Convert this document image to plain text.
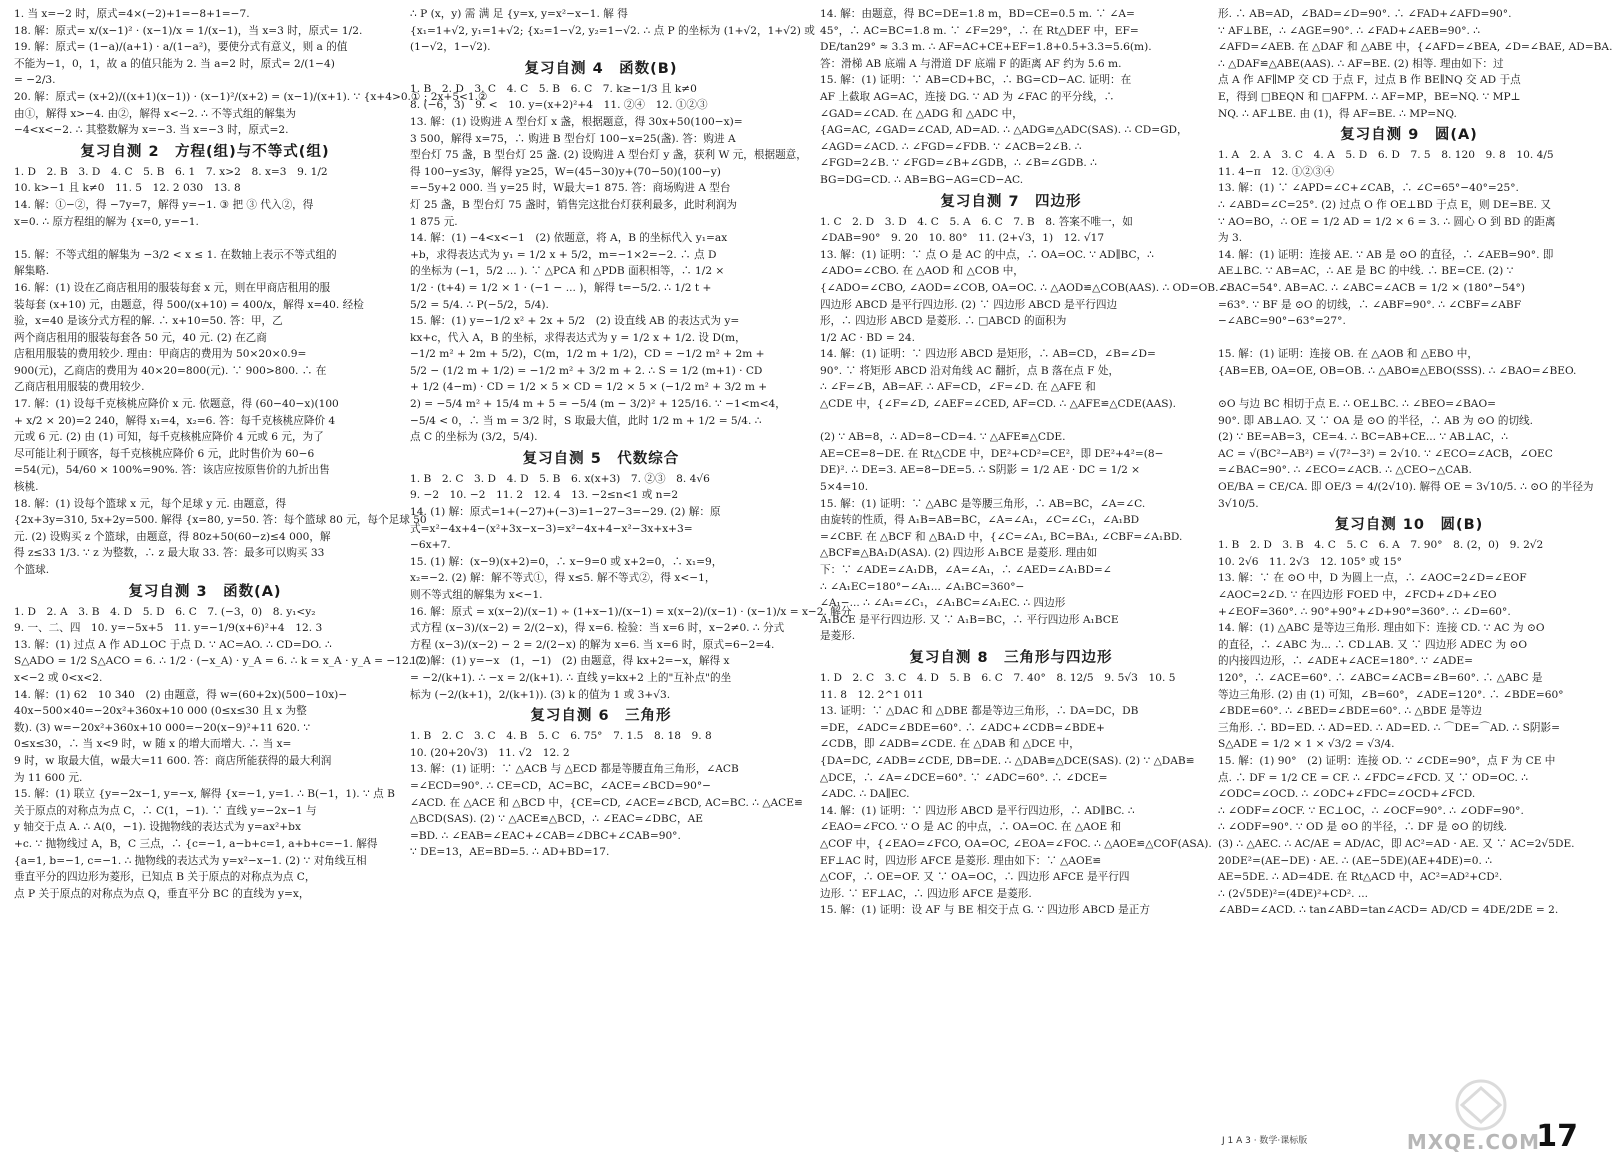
1. 当 x=−2 时，原式=4×(−2)+1=−8+1=−7.
18. 解：原式= x/(x−1)² · (x−1)/x = 1/(x−1)，当 x=3 时，原式= 1/2.
19. 解：原式= (1−a)/(a+1) · a/(1−a²)，要使分式有意义，则 a 的值
不能为−1，0，1，故 a 的值只能为 2. 当 a=2 时，原式= 2/(1−4)
= −2/3.
20. 解：原式= (x+2)/((x+1)(x−1)) · (x−1)²/(x+2) = (x−1)/(x+1). ∵ {x+4>0.① ; 2x+5<1.②
由①，解得 x>−4. 由②，解得 x<−2. ∴ 不等式组的解集为
−4<x<−2. ∴ 其整数解为 x=−3. 当 x=−3 时，原式=2.
复习自测 2　方程(组)与不等式(组)
1. D　2. B　3. D　4. C　5. B　6. 1　7. x>2　8. x=3　9. 1/2
10. k>−1 且 k≠0　11. 5　12. 2 030　13. 8
14. 解：①−②，得 −7y=7，解得 y=−1. ③ 把 ③ 代入②，得
x=0. ∴ 原方程组的解为 {x=0, y=−1.

15. 解：不等式组的解集为 −3/2 < x ≤ 1. 在数轴上表示不等式组的
解集略.
16. 解：(1) 设在乙商店租用的服装每套 x 元，则在甲商店租用的服
装每套 (x+10) 元，由题意，得 500/(x+10) = 400/x，解得 x=40. 经检
验，x=40 是该分式方程的解. ∴ x+10=50. 答：甲，乙
两个商店租用的服装每套各 50 元，40 元. (2) 在乙商
店租用服装的费用较少. 理由：甲商店的费用为 50×20×0.9=
900(元)，乙商店的费用为 40×20=800(元). ∵ 900>800. ∴ 在
乙商店租用服装的费用较少.
17. 解：(1) 设每千克核桃应降价 x 元. 依题意，得 (60−40−x)(100
+ x/2 × 20)=2 240，解得 x₁=4，x₂=6. 答：每千克核桃应降价 4
元或 6 元. (2) 由 (1) 可知，每千克核桃应降价 4 元或 6 元，为了
尽可能让利于顾客，每千克核桃应降价 6 元，此时售价为 60−6
=54(元)，54/60 × 100%=90%. 答：该店应按原售价的九折出售
核桃.
18. 解：(1) 设每个篮球 x 元，每个足球 y 元. 由题意，得
{2x+3y=310, 5x+2y=500. 解得 {x=80, y=50. 答：每个篮球 80 元，每个足球 50
元. (2) 设购买 z 个篮球，由题意，得 80z+50(60−z)≤4 000，解
得 z≤33 1/3. ∵ z 为整数，∴ z 最大取 33. 答：最多可以购买 33
个篮球.
复习自测 3　函数(A)
1. D　2. A　3. B　4. D　5. D　6. C　7. (−3，0)　8. y₁<y₂
9. 一、二、四　10. y=−5x+5　11. y=−1/9(x+6)²+4　12. 3
13. 解：(1) 过点 A 作 AD⊥OC 于点 D. ∵ AC=AO. ∴ CD=DO. ∴
S△ADO = 1/2 S△ACO = 6. ∴ 1/2 · (−x_A) · y_A = 6. ∴ k = x_A · y_A = −12. (2)
x<−2 或 0<x<2.
14. 解：(1) 62　10 340　(2) 由题意，得 w=(60+2x)(500−10x)−
40x−500×40=−20x²+360x+10 000 (0≤x≤30 且 x 为整
数). (3) w=−20x²+360x+10 000=−20(x−9)²+11 620. ∵
0≤x≤30，∴ 当 x<9 时，w 随 x 的增大而增大. ∴ 当 x=
9 时，w 取最大值，w最大=11 600. 答：商店所能获得的最大利润
为 11 600 元.
15. 解：(1) 联立 {y=−2x−1, y=−x, 解得 {x=−1, y=1. ∴ B(−1，1). ∵ 点 B
关于原点的对称点为点 C，∴ C(1，−1). ∵ 直线 y=−2x−1 与
y 轴交于点 A. ∴ A(0，−1). 设抛物线的表达式为 y=ax²+bx
+c. ∵ 抛物线过 A，B，C 三点，∴ {c=−1, a−b+c=1, a+b+c=−1. 解得
{a=1, b=−1, c=−1. ∴ 抛物线的表达式为 y=x²−x−1. (2) ∵ 对角线互相
垂直平分的四边形为菱形，已知点 B 关于原点的对称点为点 C，
点 P 关于原点的对称点为点 Q，垂直平分 BC 的直线为 y=x，
∴ P (x，y) 需 满 足 {y=x, y=x²−x−1. 解 得
{x₁=1+√2, y₁=1+√2; {x₂=1−√2, y₂=1−√2. ∴ 点 P 的坐标为 (1+√2，1+√2) 或
(1−√2，1−√2).
复习自测 4　函数(B)
1. B　2. D　3. C　4. C　5. B　6. C　7. k≥−1/3 且 k≠0
8. (−6，3)　9. <　10. y=(x+2)²+4　11. ②④　12. ①②③
13. 解：(1) 设购进 A 型台灯 x 盏，根据题意，得 30x+50(100−x)=
3 500，解得 x=75，∴ 购进 B 型台灯 100−x=25(盏). 答：购进 A
型台灯 75 盏，B 型台灯 25 盏. (2) 设购进 A 型台灯 y 盏，获利 W 元，根据题意，
得 100−y≤3y，解得 y≥25，W=(45−30)y+(70−50)(100−y)
=−5y+2 000. 当 y=25 时，W最大=1 875. 答：商场购进 A 型台
灯 25 盏，B 型台灯 75 盏时，销售完这批台灯获利最多，此时利润为
1 875 元.
14. 解：(1) −4<x<−1　(2) 依题意，将 A，B 的坐标代入 y₁=ax
+b，求得表达式为 y₁ = 1/2 x + 5/2，m=−1×2=−2. ∴ 点 D
的坐标为 (−1，5/2 ... ). ∵ △PCA 和 △PDB 面积相等，∴ 1/2 ×
1/2 · (t+4) = 1/2 × 1 · (−1 − ... )，解得 t=−5/2. ∴ 1/2 t +
5/2 = 5/4. ∴ P(−5/2，5/4).
15. 解：(1) y=−1/2 x² + 2x + 5/2　(2) 设直线 AB 的表达式为 y=
kx+c，代入 A，B 的坐标，求得表达式为 y = 1/2 x + 1/2. 设 D(m，
−1/2 m² + 2m + 5/2)，C(m，1/2 m + 1/2)，CD = −1/2 m² + 2m +
5/2 − (1/2 m + 1/2) = −1/2 m² + 3/2 m + 2. ∴ S = 1/2 (m+1) · CD
+ 1/2 (4−m) · CD = 1/2 × 5 × CD = 1/2 × 5 × (−1/2 m² + 3/2 m +
2) = −5/4 m² + 15/4 m + 5 = −5/4 (m − 3/2)² + 125/16. ∵ −1<m<4，
−5/4 < 0，∴ 当 m = 3/2 时，S 取最大值，此时 1/2 m + 1/2 = 5/4. ∴
点 C 的坐标为 (3/2，5/4).
复习自测 5　代数综合
1. B　2. C　3. D　4. D　5. B　6. x(x+3)　7. ②③　8. 4√6
9. −2　10. −2　11. 2　12. 4　13. −2≤n<1 或 n=2
14. (1) 解：原式=1+(−27)+(−3)=1−27−3=−29. (2) 解：原
式=x²−4x+4−(x²+3x−x−3)=x²−4x+4−x²−3x+x+3=
−6x+7.
15. (1) 解：(x−9)(x+2)=0，∴ x−9=0 或 x+2=0，∴ x₁=9，
x₂=−2. (2) 解：解不等式①，得 x≤5. 解不等式②，得 x<−1，
则不等式组的解集为 x<−1.
16. 解：原式 = x(x−2)/(x−1) ÷ (1+x−1)/(x−1) = x(x−2)/(x−1) · (x−1)/x = x−2. 解分
式方程 (x−3)/(x−2) = 2/(2−x)，得 x=6. 检验：当 x=6 时，x−2≠0. ∴ 分式
方程 (x−3)/(x−2) − 2 = 2/(2−x) 的解为 x=6. 当 x=6 时，原式=6−2=4.
17. 解：(1) y=−x　(1，−1)　(2) 由题意，得 kx+2=−x，解得 x
= −2/(k+1). ∴ −x = 2/(k+1). ∴ 直线 y=kx+2 上的"互补点"的坐
标为 (−2/(k+1)，2/(k+1)). (3) k 的值为 1 或 3+√3.
复习自测 6　三角形
1. B　2. C　3. C　4. B　5. C　6. 75°　7. 1.5　8. 18　9. 8
10. (20+20√3)　11. √2　12. 2
13. 解：(1) 证明：∵ △ACB 与 △ECD 都是等腰直角三角形，∠ACB
=∠ECD=90°. ∴ CE=CD，AC=BC，∠ACE=∠BCD=90°−
∠ACD. 在 △ACE 和 △BCD 中，{CE=CD, ∠ACE=∠BCD, AC=BC. ∴ △ACE≌
△BCD(SAS). (2) ∵ △ACE≌△BCD，∴ ∠EAC=∠DBC，AE
=BD. ∴ ∠EAB=∠EAC+∠CAB=∠DBC+∠CAB=90°.
∵ DE=13，AE=BD=5. ∴ AD+BD=17.
14. 解：由题意，得 BC=DE=1.8 m，BD=CE=0.5 m. ∵ ∠A=
45°，∴ AC=BC=1.8 m. ∵ ∠F=29°，∴ 在 Rt△DEF 中，EF=
DE/tan29° ≈ 3.3 m. ∴ AF=AC+CE+EF=1.8+0.5+3.3=5.6(m).
答：滑梯 AB 底端 A 与滑道 DF 底端 F 的距离 AF 约为 5.6 m.
15. 解：(1) 证明：∵ AB=CD+BC，∴ BG=CD−AC. 证明：在
AF 上截取 AG=AC，连接 DG. ∵ AD 为 ∠FAC 的平分线，∴
∠GAD=∠CAD. 在 △ADG 和 △ADC 中，
{AG=AC, ∠GAD=∠CAD, AD=AD. ∴ △ADG≌△ADC(SAS). ∴ CD=GD，
∠AGD=∠ACD. ∴ ∠FGD=∠FDB. ∵ ∠ACB=2∠B. ∴
∠FGD=2∠B. ∵ ∠FGD=∠B+∠GDB，∴ ∠B=∠GDB. ∴
BG=DG=CD. ∴ AB=BG−AG=CD−AC.
复习自测 7　四边形
1. C　2. D　3. D　4. C　5. A　6. C　7. B　8. 答案不唯一，如
∠DAB=90°　9. 20　10. 80°　11. (2+√3，1)　12. √17
13. 解：(1) 证明：∵ 点 O 是 AC 的中点，∴ OA=OC. ∵ AD∥BC，∴
∠ADO=∠CBO. 在 △AOD 和 △COB 中，
{∠ADO=∠CBO, ∠AOD=∠COB, OA=OC. ∴ △AOD≌△COB(AAS). ∴ OD=OB. ∴
四边形 ABCD 是平行四边形. (2) ∵ 四边形 ABCD 是平行四边
形，∴ 四边形 ABCD 是菱形. ∴ □ABCD 的面积为
1/2 AC · BD = 24.
14. 解：(1) 证明：∵ 四边形 ABCD 是矩形，∴ AB=CD，∠B=∠D=
90°. ∵ 将矩形 ABCD 沿对角线 AC 翻折，点 B 落在点 F 处，
∴ ∠F=∠B，AB=AF. ∴ AF=CD，∠F=∠D. 在 △AFE 和
△CDE 中，{∠F=∠D, ∠AEF=∠CED, AF=CD. ∴ △AFE≌△CDE(AAS).

(2) ∵ AB=8，∴ AD=8−CD=4. ∵ △AFE≌△CDE.
AE=CE=8−DE. 在 Rt△CDE 中，DE²+CD²=CE²，即 DE²+4²=(8−
DE)². ∴ DE=3. AE=8−DE=5. ∴ S阴影 = 1/2 AE · DC = 1/2 ×
5×4=10.
15. 解：(1) 证明：∵ △ABC 是等腰三角形，∴ AB=BC，∠A=∠C.
由旋转的性质，得 A₁B=AB=BC，∠A=∠A₁，∠C=∠C₁，∠A₁BD
=∠CBF. 在 △BCF 和 △BA₁D 中，{∠C=∠A₁, BC=BA₁, ∠CBF=∠A₁BD.
△BCF≌△BA₁D(ASA). (2) 四边形 A₁BCE 是菱形. 理由如
下：∵ ∠ADE=∠A₁DB，∠A=∠A₁，∴ ∠AED=∠A₁BD=∠
∴ ∠A₁EC=180°−∠A₁... ∠A₁BC=360°−
∠A₁−... ∴ ∠A₁=∠C₁，∠A₁BC=∠A₁EC. ∴ 四边形
A₁BCE 是平行四边形. 又 ∵ A₁B=BC，∴ 平行四边形 A₁BCE
是菱形.
复习自测 8　三角形与四边形
1. D　2. C　3. C　4. D　5. B　6. C　7. 40°　8. 12/5　9. 5√3　10. 5
11. 8　12. 2^1 011
13. 证明：∵ △DAC 和 △DBE 都是等边三角形，∴ DA=DC，DB
=DE，∠ADC=∠BDE=60°. ∴ ∠ADC+∠CDB=∠BDE+
∠CDB，即 ∠ADB=∠CDE. 在 △DAB 和 △DCE 中，
{DA=DC, ∠ADB=∠CDE, DB=DE. ∴ △DAB≌△DCE(SAS). (2) ∵ △DAB≌
△DCE，∴ ∠A=∠DCE=60°. ∵ ∠ADC=60°. ∴ ∠DCE=
∠ADC. ∴ DA∥EC.
14. 解：(1) 证明：∵ 四边形 ABCD 是平行四边形，∴ AD∥BC. ∴
∠EAO=∠FCO. ∵ O 是 AC 的中点，∴ OA=OC. 在 △AOE 和
△COF 中，{∠EAO=∠FCO, OA=OC, ∠EOA=∠FOC. ∴ △AOE≌△COF(ASA).
EF⊥AC 时，四边形 AFCE 是菱形. 理由如下：∵ △AOE≌
△COF，∴ OE=OF. 又 ∵ OA=OC，∴ 四边形 AFCE 是平行四
边形. ∵ EF⊥AC，∴ 四边形 AFCE 是菱形.
15. 解：(1) 证明：设 AF 与 BE 相交于点 G. ∵ 四边形 ABCD 是正方
形. ∴ AB=AD，∠BAD=∠D=90°. ∴ ∠FAD+∠AFD=90°.
∵ AF⊥BE，∴ ∠AGE=90°. ∴ ∠FAD+∠AEB=90°. ∴
∠AFD=∠AEB. 在 △DAF 和 △ABE 中，{∠AFD=∠BEA, ∠D=∠BAE, AD=BA.
∴ △DAF≌△ABE(AAS). ∴ AF=BE. (2) 相等. 理由如下：过
点 A 作 AF∥MP 交 CD 于点 F，过点 B 作 BE∥NQ 交 AD 于点
E，得到 □BEQN 和 □AFPM. ∴ AF=MP，BE=NQ. ∵ MP⊥
NQ. ∴ AF⊥BE. 由 (1)，得 AF=BE. ∴ MP=NQ.
复习自测 9　圆(A)
1. A　2. A　3. C　4. A　5. D　6. D　7. 5　8. 120　9. 8　10. 4/5
11. 4−π　12. ①②③④
13. 解：(1) ∵ ∠APD=∠C+∠CAB，∴ ∠C=65°−40°=25°.
∴ ∠ABD=∠C=25°. (2) 过点 O 作 OE⊥BD 于点 E，则 DE=BE. 又
∵ AO=BO，∴ OE = 1/2 AD = 1/2 × 6 = 3. ∴ 圆心 O 到 BD 的距离
为 3.
14. 解：(1) 证明：连接 AE. ∵ AB 是 ⊙O 的直径，∴ ∠AEB=90°. 即
AE⊥BC. ∵ AB=AC，∴ AE 是 BC 的中线. ∴ BE=CE. (2) ∵
∠BAC=54°. AB=AC. ∴ ∠ABC=∠ACB = 1/2 × (180°−54°)
=63°. ∵ BF 是 ⊙O 的切线，∴ ∠ABF=90°. ∴ ∠CBF=∠ABF
−∠ABC=90°−63°=27°.

15. 解：(1) 证明：连接 OB. 在 △AOB 和 △EBO 中，
{AB=EB, OA=OE, OB=OB. ∴ △ABO≌△EBO(SSS). ∴ ∠BAO=∠BEO.

⊙O 与边 BC 相切于点 E. ∴ OE⊥BC. ∴ ∠BEO=∠BAO=
90°. 即 AB⊥AO. 又 ∵ OA 是 ⊙O 的半径，∴ AB 为 ⊙O 的切线.
(2) ∵ BE=AB=3，CE=4. ∴ BC=AB+CE... ∵ AB⊥AC，∴
AC = √(BC²−AB²) = √(7²−3²) = 2√10. ∵ ∠ECO=∠ACB，∠OEC
=∠BAC=90°. ∴ ∠ECO=∠ACB. ∴ △CEO∽△CAB.
OE/BA = CE/CA. 即 OE/3 = 4/(2√10). 解得 OE = 3√10/5. ∴ ⊙O 的半径为
3√10/5.
复习自测 10　圆(B)
1. B　2. D　3. B　4. C　5. C　6. A　7. 90°　8. (2，0)　9. 2√2
10. 2√6　11. 2√3　12. 105° 或 15°
13. 解：∵ 在 ⊙O 中，D 为圆上一点，∴ ∠AOC=2∠D=∠EOF
∠AOC=2∠D. ∵ 在四边形 FOED 中，∠FCD+∠D+∠EO
+∠EOF=360°. ∴ 90°+90°+∠D+90°=360°. ∴ ∠D=60°.
14. 解：(1) △ABC 是等边三角形. 理由如下：连接 CD. ∵ AC 为 ⊙O
的直径，∴ ∠ABC 为... ∴ CD⊥AB. 又 ∵ 四边形 ADEC 为 ⊙O
的内接四边形，∴ ∠ADE+∠ACE=180°. ∵ ∠ADE=
120°，∴ ∠ACE=60°. ∴ ∠ABC=∠ACB=∠B=60°. ∴ △ABC 是
等边三角形. (2) 由 (1) 可知，∠B=60°，∠ADE=120°. ∴ ∠BDE=60°
∠BDE=60°. ∴ ∠BED=∠BDE=60°. ∴ △BDE 是等边
三角形. ∴ BD=ED. ∴ AD=ED. ∴ AD=ED. ∴ ⌒DE=⌒AD. ∴ S阴影=
S△ADE = 1/2 × 1 × √3/2 = √3/4.
15. 解：(1) 90°　(2) 证明：连接 OD. ∵ ∠CDE=90°，点 F 为 CE 中
点. ∴ DF = 1/2 CE = CF. ∴ ∠FDC=∠FCD. 又 ∵ OD=OC. ∴
∠ODC=∠OCD. ∴ ∠ODC+∠FDC=∠OCD+∠FCD.
∴ ∠ODF=∠OCF. ∵ EC⊥OC，∴ ∠OCF=90°. ∴ ∠ODF=90°.
∴ ∠ODF=90°. ∵ OD 是 ⊙O 的半径，∴ DF 是 ⊙O 的切线.
(3) ∴ △AEC. ∴ AC/AE = AD/AC，即 AC²=AD · AE. 又 ∵ AC=2√5DE.
20DE²=(AE−DE) · AE. ∴ (AE−5DE)(AE+4DE)=0. ∴
AE=5DE. ∴ AD=4DE. 在 Rt△ACD 中，AC²=AD²+CD².
∴ (2√5DE)²=(4DE)²+CD². ...
∠ABD=∠ACD. ∴ tan∠ABD=tan∠ACD= AD/CD = 4DE/2DE = 2.
J 1 A 3 · 数学·课标版	MXQE.COM
17
